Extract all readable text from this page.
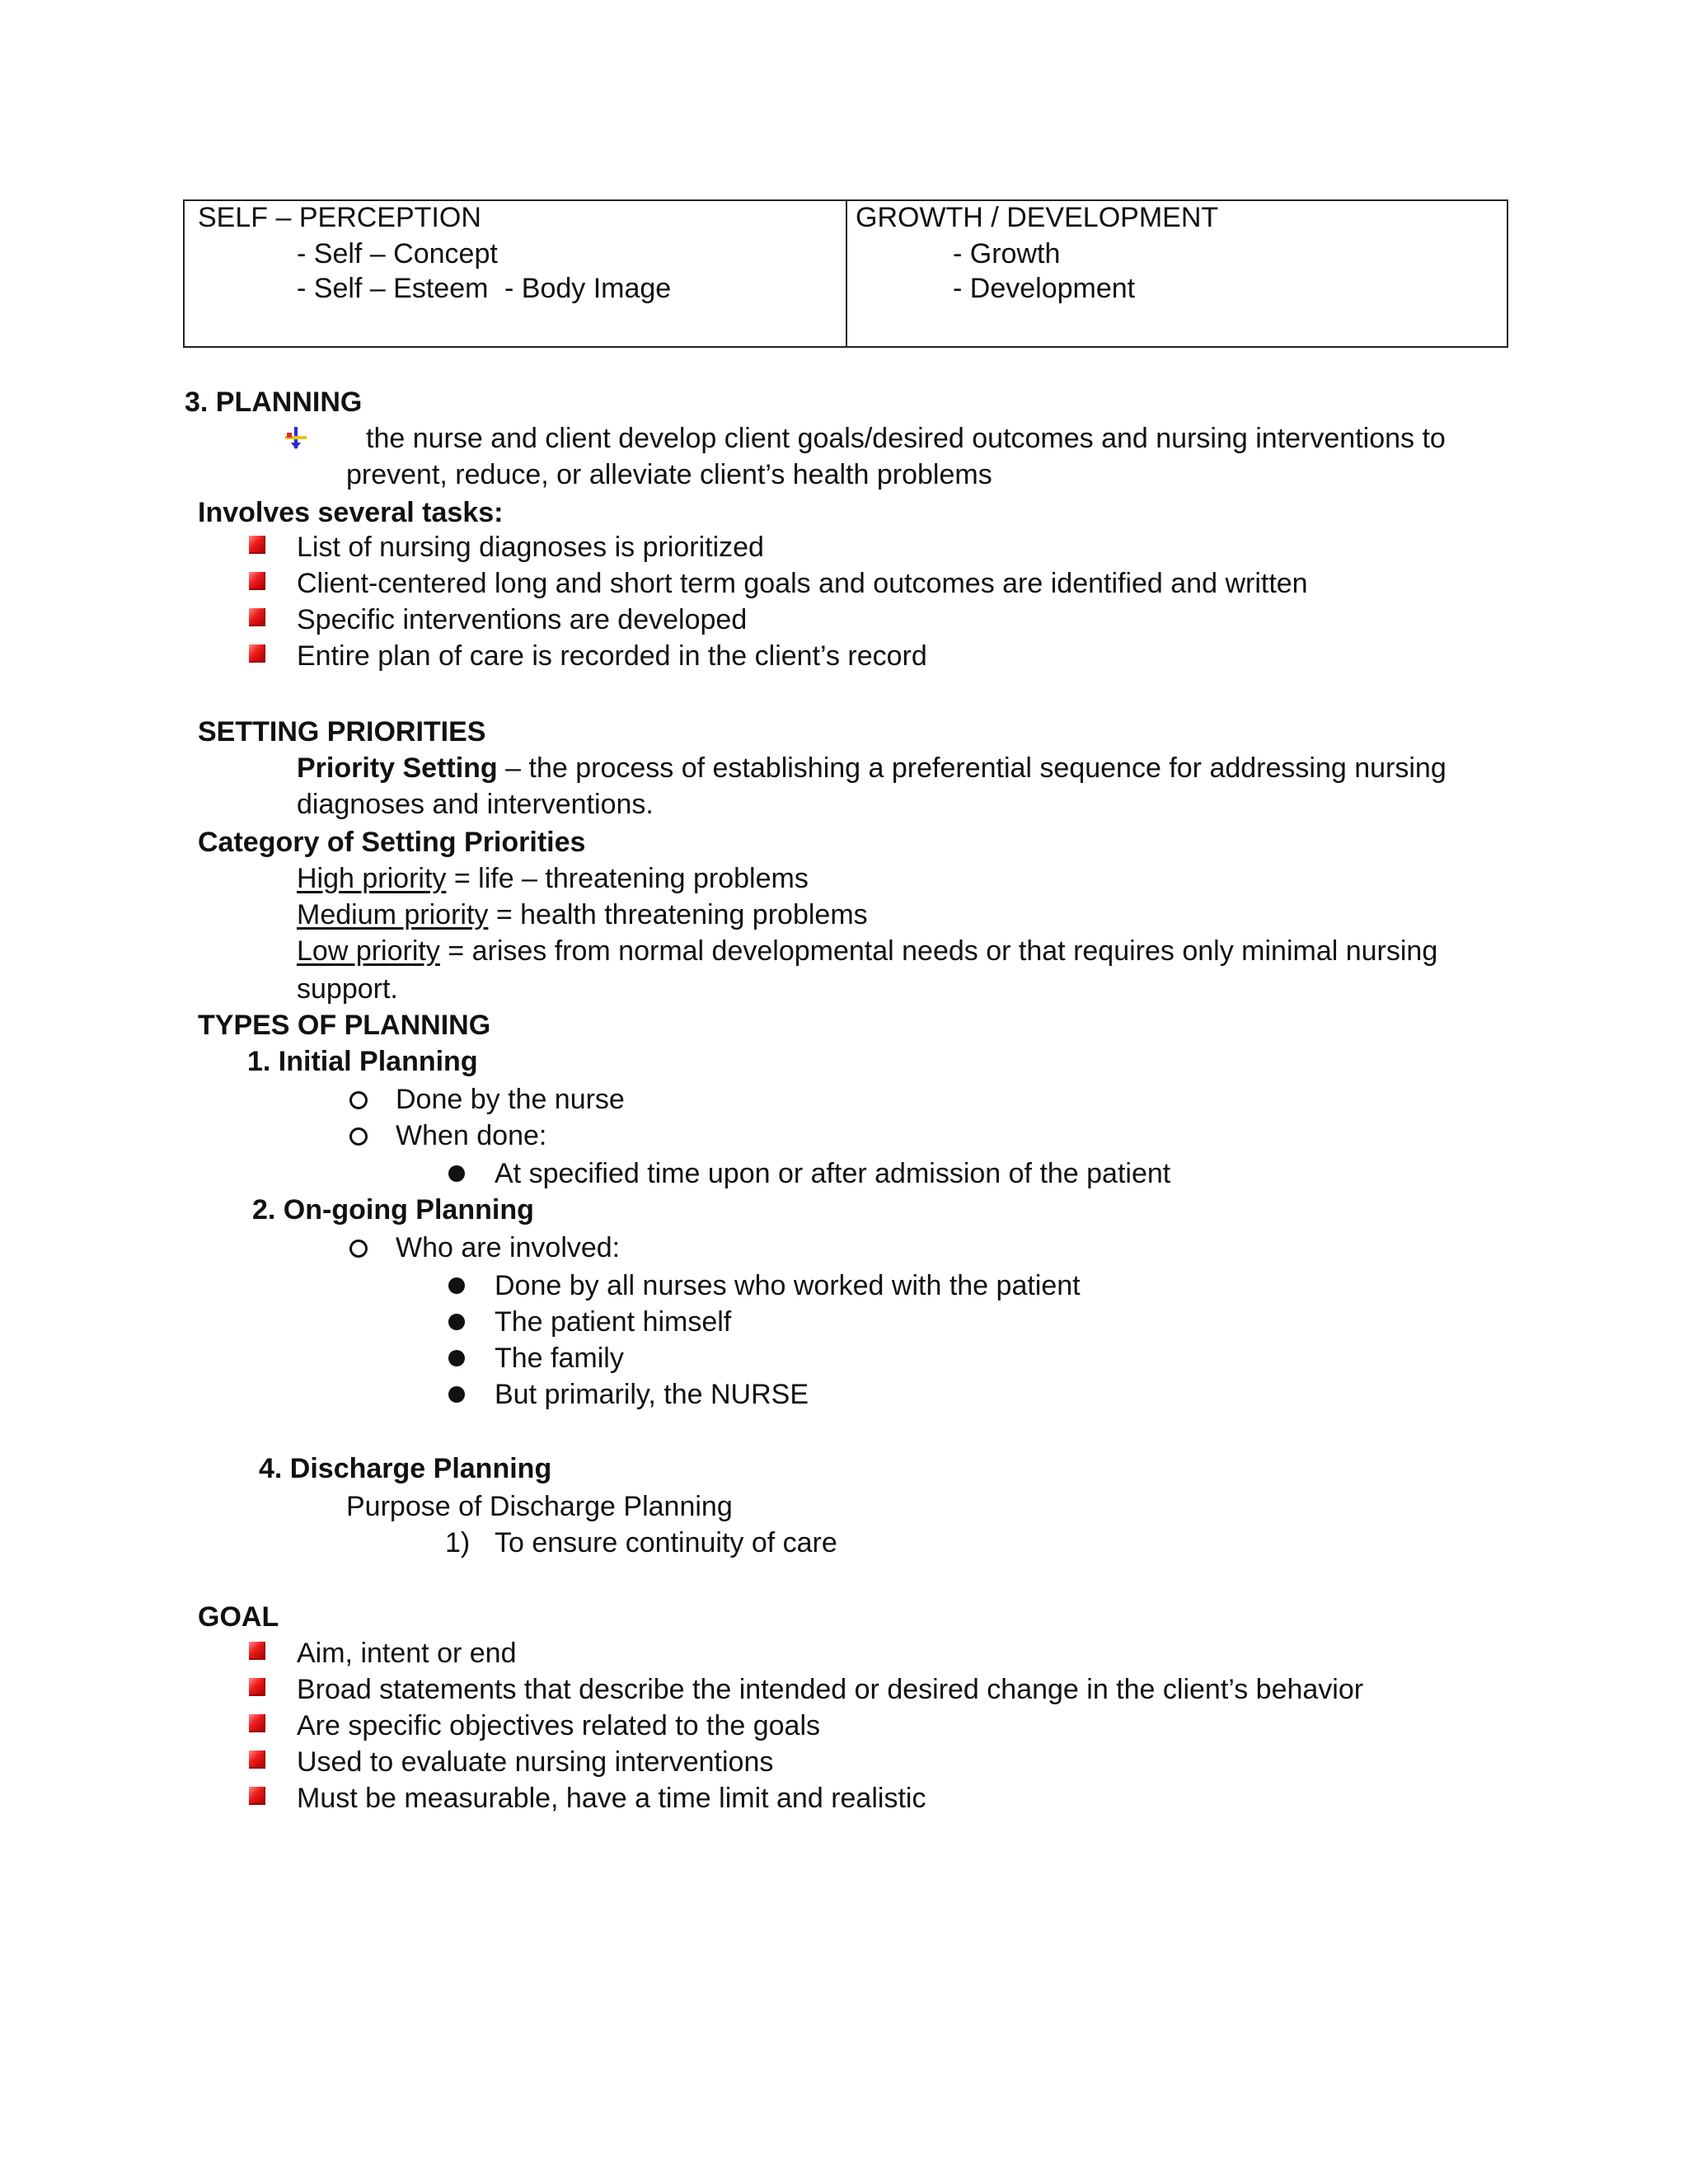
SELF – PERCEPTION
- Self – Concept
- Self – Esteem - Body Image
GROWTH / DEVELOPMENT
- Growth
- Development
3. PLANNING
the nurse and client develop client goals/desired outcomes and nursing interventions to
prevent, reduce, or alleviate client’s health problems
Involves several tasks:
List of nursing diagnoses is prioritized
Client-centered long and short term goals and outcomes are identified and written
Specific interventions are developed
Entire plan of care is recorded in the client’s record
SETTING PRIORITIES
Priority Setting – the process of establishing a preferential sequence for addressing nursing
diagnoses and interventions.
Category of Setting Priorities
High priority = life – threatening problems
Medium priority = health threatening problems
Low priority = arises from normal developmental needs or that requires only minimal nursing
support.
TYPES OF PLANNING
1. Initial Planning
Done by the nurse
When done:
At specified time upon or after admission of the patient
2. On-going Planning
Who are involved:
Done by all nurses who worked with the patient
The patient himself
The family
But primarily, the NURSE
4. Discharge Planning
Purpose of Discharge Planning
1) To ensure continuity of care
GOAL
Aim, intent or end
Broad statements that describe the intended or desired change in the client’s behavior
Are specific objectives related to the goals
Used to evaluate nursing interventions
Must be measurable, have a time limit and realistic
